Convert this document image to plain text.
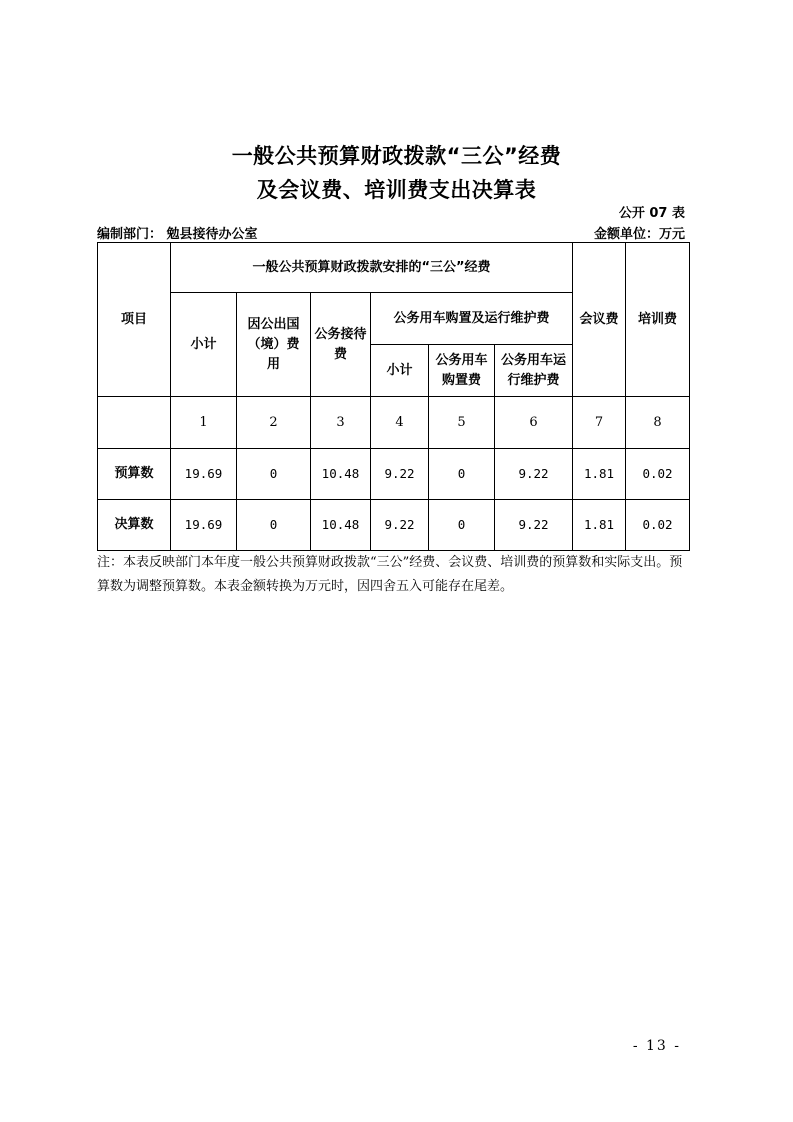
一般公共预算财政拨款“三公”经费
及会议费、培训费支出决算表
公开 07 表
编制部门： 勉县接待办公室	金额单位：万元
项目	一般公共预算财政拨款安排的“三公”经费						会议费	培训费
	小计	因公出国（境）费用	公务接待费	公务用车购置及运行维护费				
				小计	公务用车购置费	公务用车运行维护费		
	1	2	3	4	5	6	7	8
预算数	19.69	0	10.48	9.22	0	9.22	1.81	0.02
决算数	19.69	0	10.48	9.22	0	9.22	1.81	0.02
注：本表反映部门本年度一般公共预算财政拨款“三公”经费、会议费、培训费的预算数和实际支出。预算数为调整预算数。本表金额转换为万元时，因四舍五入可能存在尾差。
- 13 -
